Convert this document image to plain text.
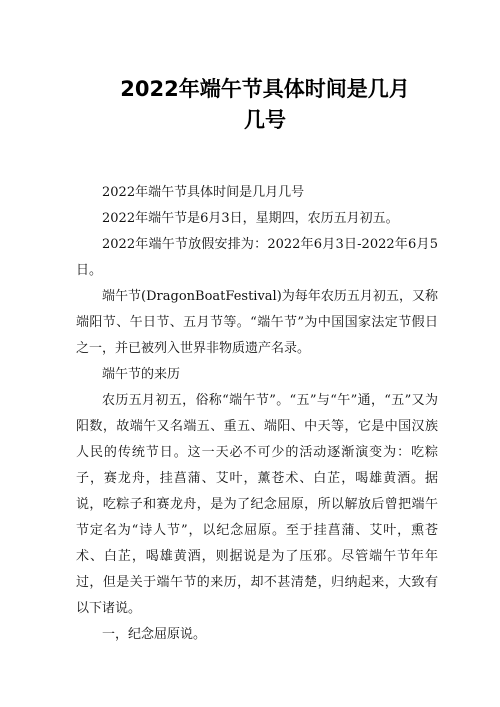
2022年端午节具体时间是几月几号

2022年端午节具体时间是几月几号

2022年端午节是6月3日，星期四，农历五月初五。

2022年端午节放假安排为：2022年6月3日-2022年6月5日。

端午节(DragonBoatFestival)为每年农历五月初五，又称端阳节、午日节、五月节等。“端午节”为中国国家法定节假日之一，并已被列入世界非物质遗产名录。

端午节的来历

农历五月初五，俗称“端午节”。“五”与“午”通，“五”又为阳数，故端午又名端五、重五、端阳、中天等，它是中国汉族人民的传统节日。这一天必不可少的活动逐渐演变为：吃粽子，赛龙舟，挂菖蒲、艾叶，薰苍术、白芷，喝雄黄酒。据说，吃粽子和赛龙舟，是为了纪念屈原，所以解放后曾把端午节定名为“诗人节”，以纪念屈原。至于挂菖蒲、艾叶，熏苍术、白芷，喝雄黄酒，则据说是为了压邪。尽管端午节年年过，但是关于端午节的来历，却不甚清楚，归纳起来，大致有以下诸说。

一，纪念屈原说。
